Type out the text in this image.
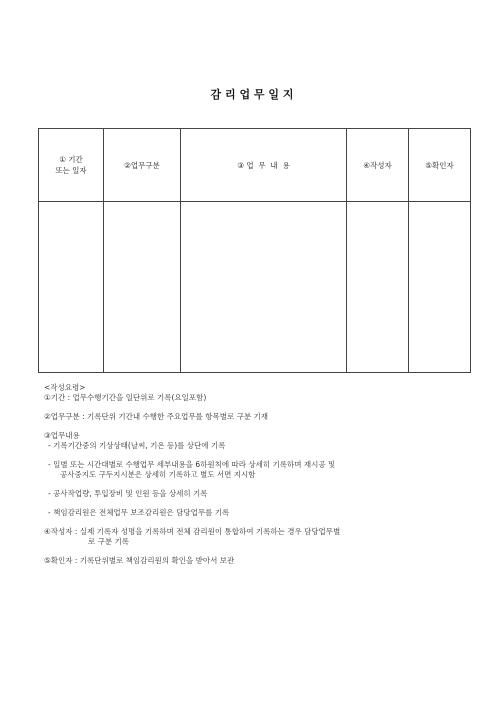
감 리 업 무 일 지
① 기간
또는 일자	②업무구분	③ 업  무  내  용	④작성자	⑤확인자

<작성요령>
①기간 : 업무수행기간을 일단위로 기록(요일포함)
②업무구분 : 기록단위 기간내 수행한 주요업무를 항목별로 구분 기재
③업무내용
- 기록기간중의 기상상태(날씨, 기온 등)를 상단에 기록
- 일별 또는 시간대별로 수행업무 세부내용을 6하원칙에 따라 상세히 기록하며 재시공 및
공사중지도 구두지시분은 상세히 기록하고 별도 서면 지시함
- 공사작업량, 투입장비 및 인원 등을 상세히 기록
- 책임감리원은 전체업무 보조감리원은 담당업무를 기록
④작성자 : 실제 기록자 성명을 기록하며 전체 감리원이 통합하여 기록하는 경우 담당업무별
로 구분 기록
⑤확인자 : 기록단위별로 책임감리원의 확인을 받아서 보관
